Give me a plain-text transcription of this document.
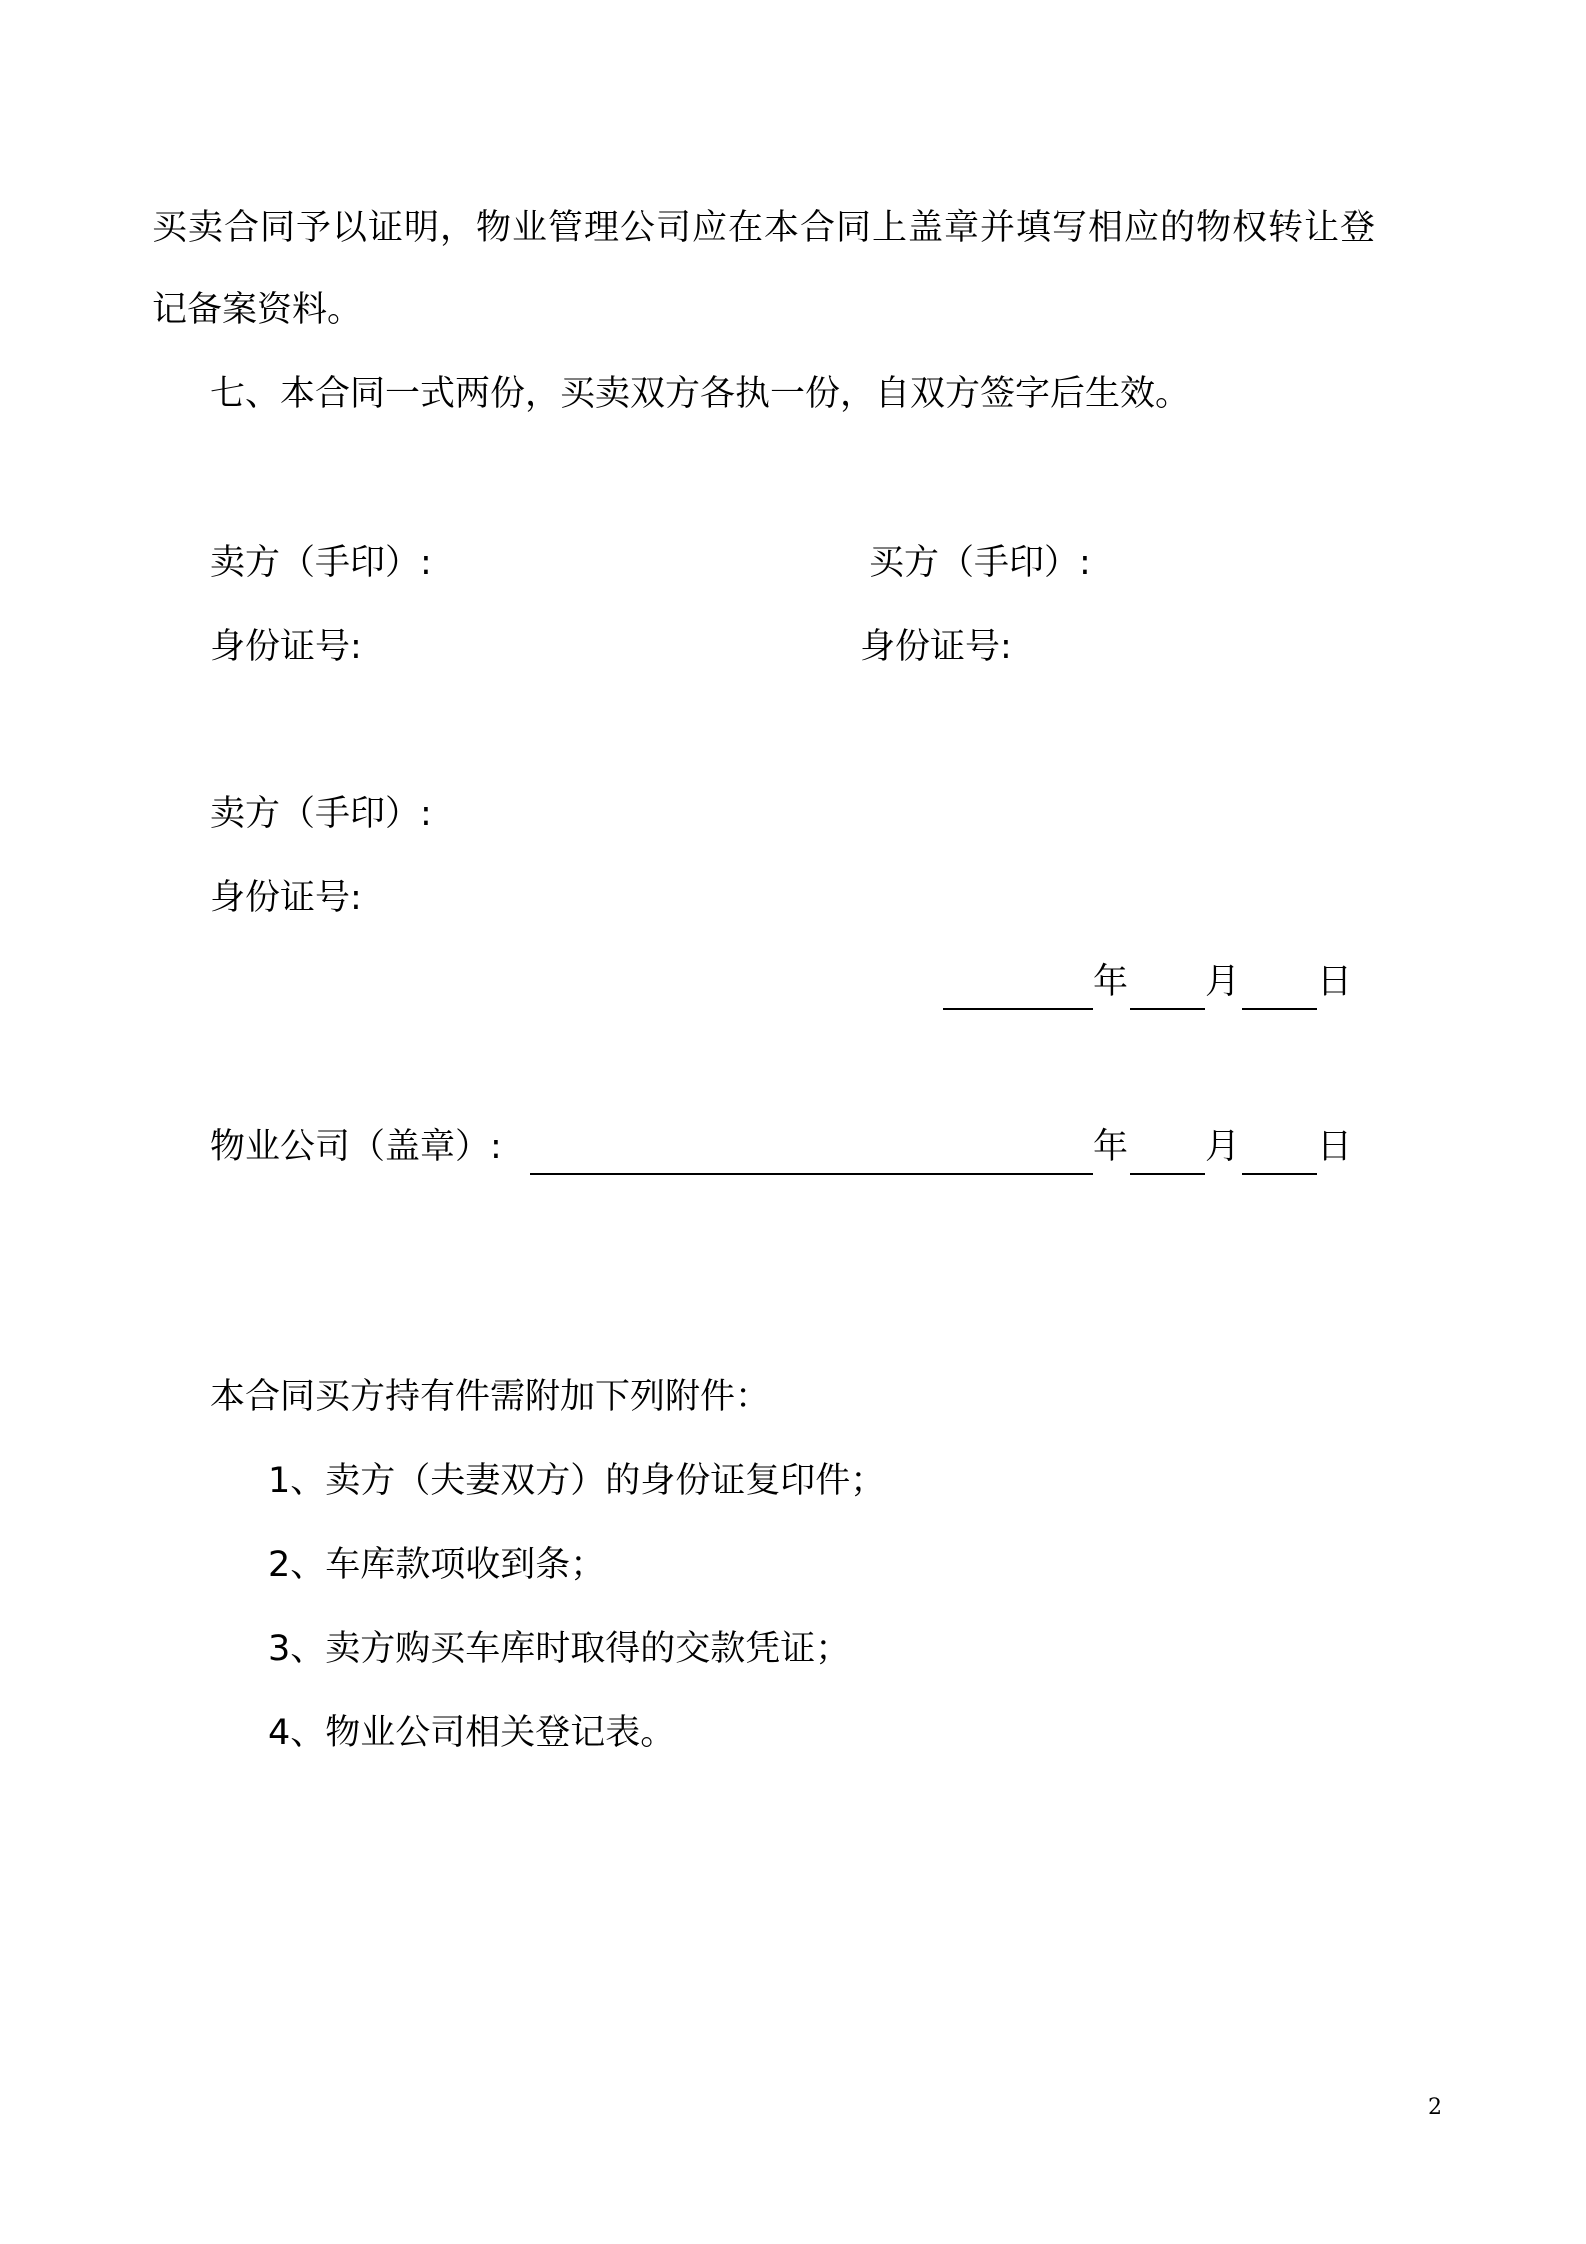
买卖合同予以证明，物业管理公司应在本合同上盖章并填写相应的物权转让登
记备案资料。
七、本合同一式两份，买卖双方各执一份，自双方签字后生效。
卖方（手印）:	买方（手印）:
身份证号:	身份证号:
卖方（手印）:
身份证号:
年 月 日
物业公司（盖章）:	年 月 日
本合同买方持有件需附加下列附件：
1、卖方（夫妻双方）的身份证复印件；
2、车库款项收到条；
3、卖方购买车库时取得的交款凭证；
4、物业公司相关登记表。
2
